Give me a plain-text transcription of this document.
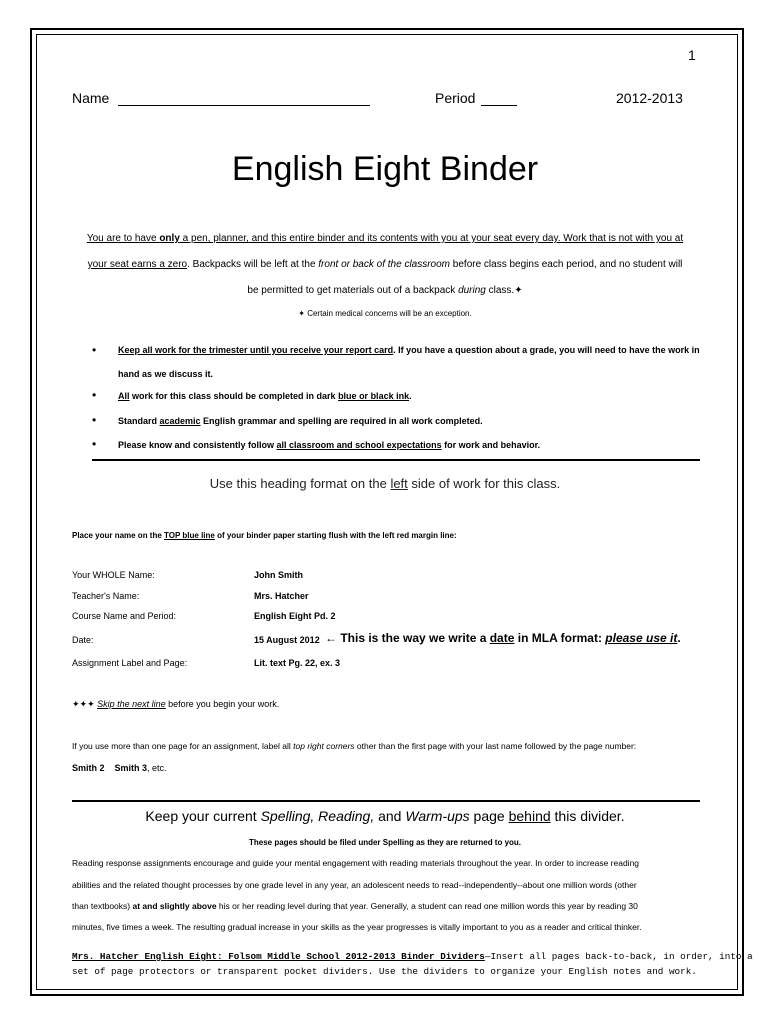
1
Name	Period	2012-2013
English Eight Binder
You are to have only a pen, planner, and this entire binder and its contents with you at your seat every day. Work that is not with you at
your seat earns a zero. Backpacks will be left at the front or back of the classroom before class begins each period, and no student will
be permitted to get materials out of a backpack during class.✦
✦ Certain medical concerns will be an exception.
• Keep all work for the trimester until you receive your report card. If you have a question about a grade, you will need to have the work in
hand as we discuss it.
• All work for this class should be completed in dark blue or black ink.
• Standard academic English grammar and spelling are required in all work completed.
• Please know and consistently follow all classroom and school expectations for work and behavior.
Use this heading format on the left side of work for this class.
Place your name on the TOP blue line of your binder paper starting flush with the left red margin line:
Your WHOLE Name:	John Smith
Teacher's Name:	Mrs. Hatcher
Course Name and Period:	English Eight Pd. 2
Date:	15 August 2012 ← This is the way we write a date in MLA format: please use it.
Assignment Label and Page:	Lit. text Pg. 22, ex. 3
✦✦✦ Skip the next line before you begin your work.
If you use more than one page for an assignment, label all top right corners other than the first page with your last name followed by the page number:
Smith 2 Smith 3, etc.
Keep your current Spelling, Reading, and Warm-ups page behind this divider.
These pages should be filed under Spelling as they are returned to you.
Reading response assignments encourage and guide your mental engagement with reading materials throughout the year. In order to increase reading
abilities and the related thought processes by one grade level in any year, an adolescent needs to read--independently--about one million words (other
than textbooks) at and slightly above his or her reading level during that year. Generally, a student can read one million words this year by reading 30
minutes, five times a week. The resulting gradual increase in your skills as the year progresses is vitally important to you as a reader and critical thinker.
Mrs. Hatcher English Eight: Folsom Middle School 2012-2013 Binder Dividers—Insert all pages back-to-back, in order, into a
set of page protectors or transparent pocket dividers. Use the dividers to organize your English notes and work.
